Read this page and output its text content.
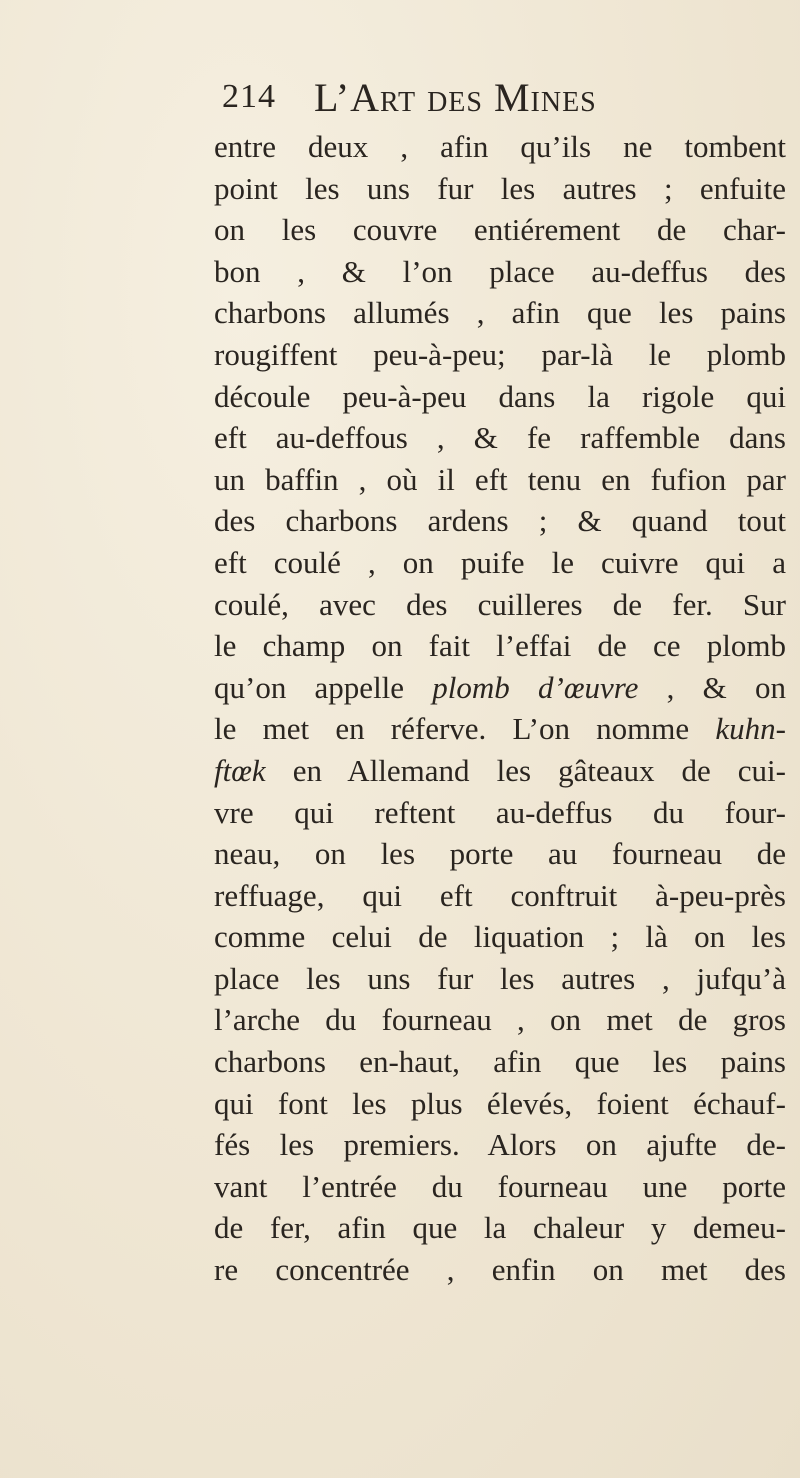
214 L’Art des Mines
entre deux , afin qu’ils ne tombent
point les uns fur les autres ; enfuite
on les couvre entiérement de char-
bon , & l’on place au-deffus des
charbons allumés , afin que les pains
rougiffent peu-à-peu; par-là le plomb
découle peu-à-peu dans la rigole qui
eft au-deffous , & fe raffemble dans
un baffin , où il eft tenu en fufion par
des charbons ardens ; & quand tout
eft coulé , on puife le cuivre qui a
coulé, avec des cuilleres de fer. Sur
le champ on fait l’effai de ce plomb
qu’on appelle plomb d’œuvre , & on
le met en réferve. L’on nomme kuhn-
ftœk en Allemand les gâteaux de cui-
vre qui reftent au-deffus du four-
neau, on les porte au fourneau de
reffuage, qui eft conftruit à-peu-près
comme celui de liquation ; là on les
place les uns fur les autres , jufqu’à
l’arche du fourneau , on met de gros
charbons en-haut, afin que les pains
qui font les plus élevés, foient échauf-
fés les premiers. Alors on ajufte de-
vant l’entrée du fourneau une porte
de fer, afin que la chaleur y demeu-
re concentrée , enfin on met des
